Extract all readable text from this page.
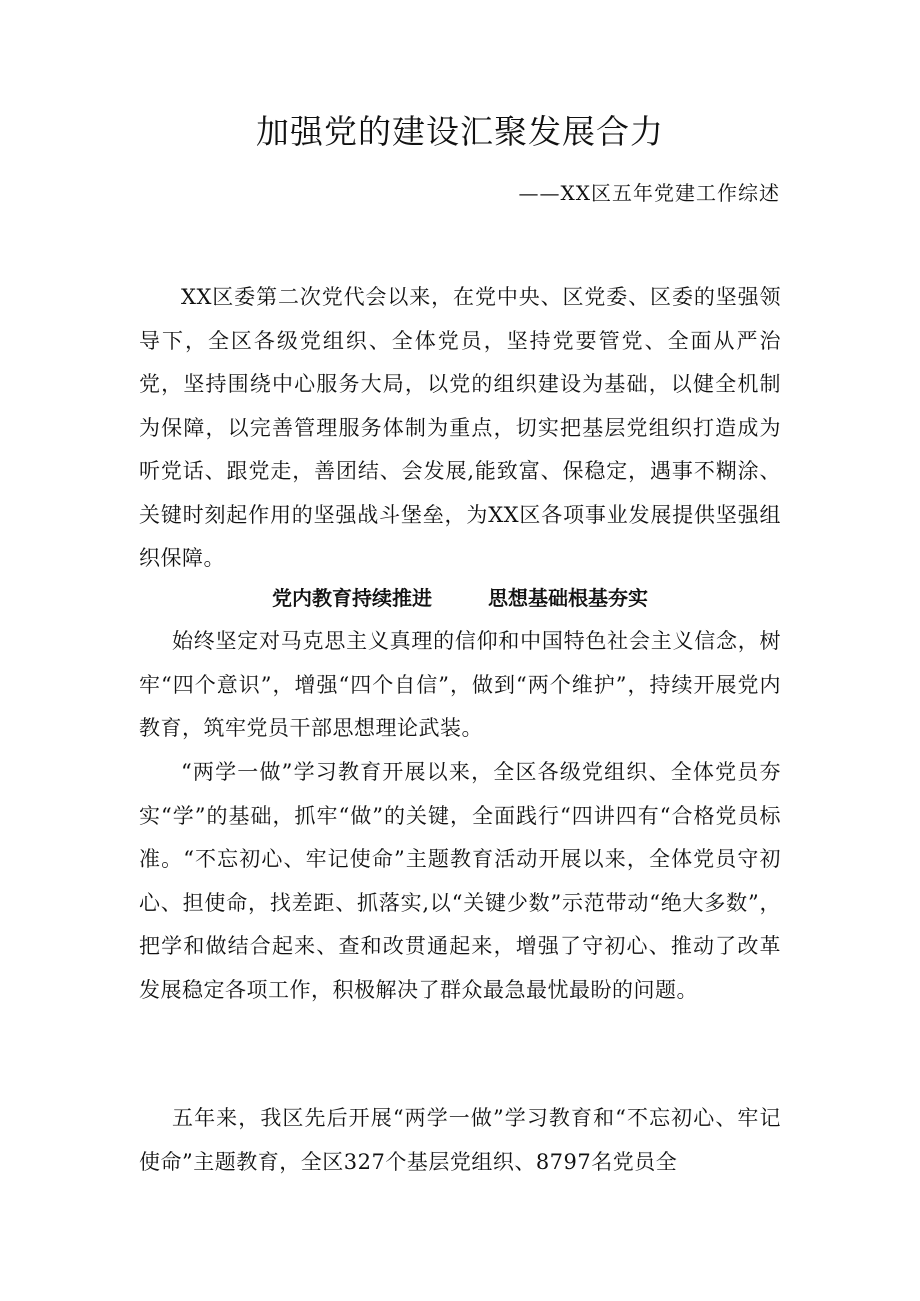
加强党的建设汇聚发展合力
——XX区五年党建工作综述
XX区委第二次党代会以来，在党中央、区党委、区委的坚强领导下，全区各级党组织、全体党员，坚持党要管党、全面从严治党，坚持围绕中心服务大局，以党的组织建设为基础，以健全机制为保障，以完善管理服务体制为重点，切实把基层党组织打造成为听党话、跟党走，善团结、会发展,能致富、保稳定，遇事不糊涂、关键时刻起作用的坚强战斗堡垒，为XX区各项事业发展提供坚强组织保障。
党内教育持续推进	思想基础根基夯实
始终坚定对马克思主义真理的信仰和中国特色社会主义信念，树牢“四个意识”，增强“四个自信”，做到“两个维护”，持续开展党内教育，筑牢党员干部思想理论武装。
“两学一做”学习教育开展以来，全区各级党组织、全体党员夯实“学”的基础，抓牢“做”的关键，全面践行“四讲四有“合格党员标准。“不忘初心、牢记使命”主题教育活动开展以来，全体党员守初心、担使命，找差距、抓落实,以“关键少数”示范带动“绝大多数”，把学和做结合起来、查和改贯通起来，增强了守初心、推动了改革发展稳定各项工作，积极解决了群众最急最忧最盼的问题。
五年来，我区先后开展“两学一做”学习教育和“不忘初心、牢记使命”主题教育，全区327个基层党组织、8797名党员全
